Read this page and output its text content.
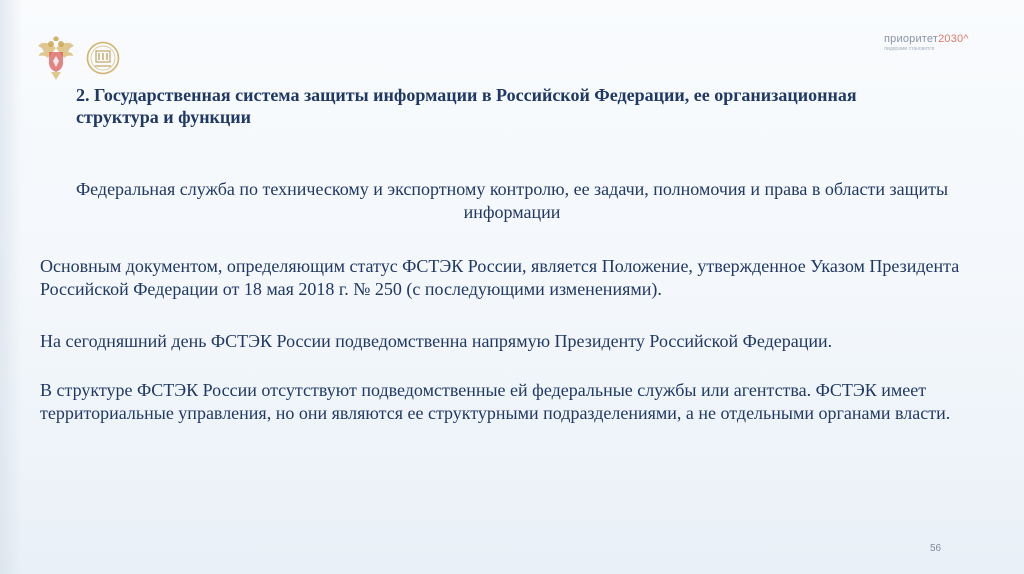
приоритет2030^
лидерами становятся
2. Государственная система защиты информации в Российской Федерации, ее организационная структура и функции

Федеральная служба по техническому и экспортному контролю, ее задачи, полномочия и права в области защиты информации

Основным документом, определяющим статус ФСТЭК России, является Положение, утвержденное Указом Президента Российской Федерации от 18 мая 2018 г. № 250 (с последующими изменениями).

На сегодняшний день ФСТЭК России подведомственна напрямую Президенту Российской Федерации.

В структуре ФСТЭК России отсутствуют подведомственные ей федеральные службы или агентства. ФСТЭК имеет территориальные управления, но они являются ее структурными подразделениями, а не отдельными органами власти.

56
